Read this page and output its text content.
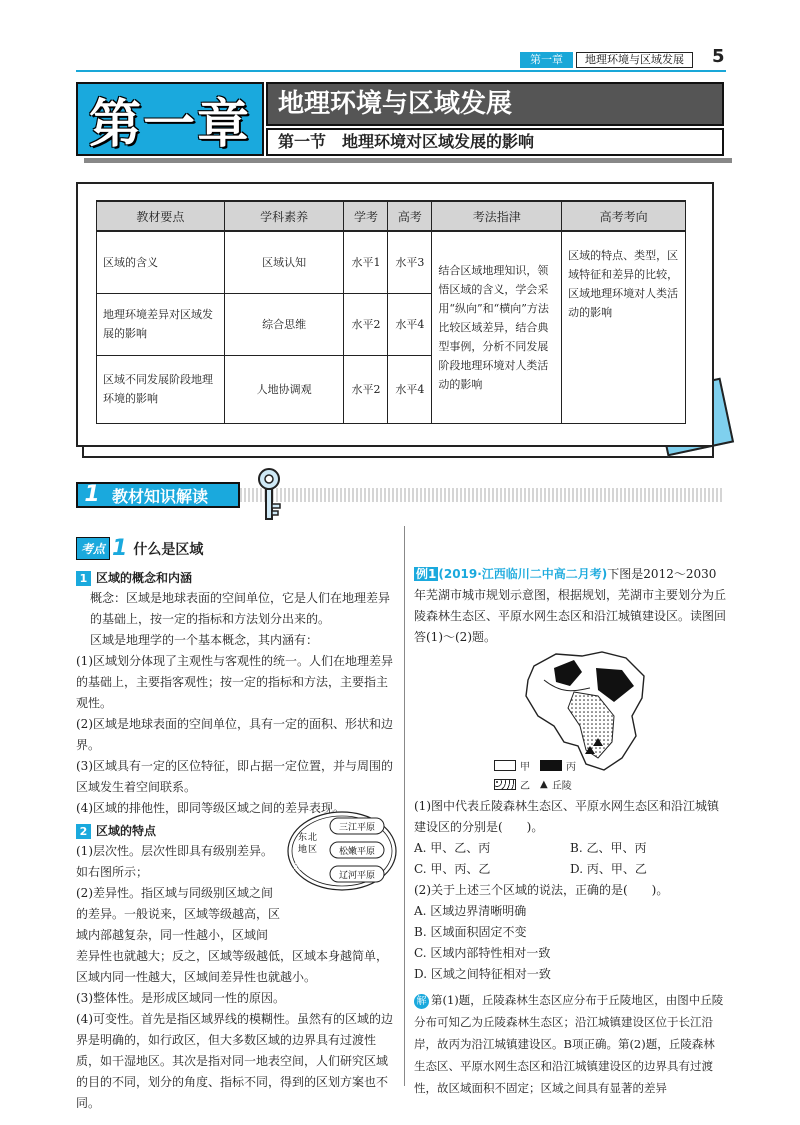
第一章	地理环境与区域发展	5
第一章	地理环境与区域发展
第一节 地理环境对区域发展的影响
教材要点	学科素养	学考	高考	考法指津	高考考向
区域的含义	区域认知	水平1	水平3	结合区域地理知识，领悟区域的含义，学会采用“纵向”和“横向”方法比较区域差异，结合典型事例，分析不同发展阶段地理环境对人类活动的影响	区域的特点、类型，区域特征和差异的比较，区域地理环境对人类活动的影响
地理环境差异对区域发展的影响	综合思维	水平2	水平4		
区域不同发展阶段地理环境的影响	人地协调观	水平2	水平4		
1 教材知识解读
考点 1 什么是区域
1 区域的概念和内涵

概念：区域是地球表面的空间单位，它是人们在地理差异的基础上，按一定的指标和方法划分出来的。

区域是地理学的一个基本概念，其内涵有：

(1)区域划分体现了主观性与客观性的统一。人们在地理差异的基础上，主要指客观性；按一定的指标和方法，主要指主观性。

(2)区域是地球表面的空间单位，具有一定的面积、形状和边界。

(3)区域具有一定的区位特征，即占据一定位置，并与周围的区域发生着空间联系。

(4)区域的排他性，即同等级区域之间的差异表现。

2 区域的特点

(1)层次性。层次性即具有级别差异。如右图所示；

(2)差异性。指区域与同级别区域之间的差异。一般说来，区域等级越高，区域内部越复杂，同一性越小，区域间

差异性也就越大；反之，区域等级越低，区域本身越简单，区域内同一性越大，区域间差异性也就越小。

(3)整体性。是形成区域同一性的原因。

(4)可变性。首先是指区域界线的模糊性。虽然有的区域的边界是明确的，如行政区，但大多数区域的边界具有过渡性质，如干湿地区。其次是指对同一地表空间，人们研究区域的目的不同，划分的角度、指标不同，得到的区划方案也不同。

东 北
地 区
三江平原
松嫩平原
辽河平原
东北地区

例1 (2019·江西临川二中高二月考)下图是2012～2030年芜湖市城市规划示意图，根据规划，芜湖市主要划分为丘陵森林生态区、平原水网生态区和沿江城镇建设区。读图回答(1)～(2)题。

甲	丙
乙 ▲ 丘陵

(1)图中代表丘陵森林生态区、平原水网生态区和沿江城镇建设区的分别是(　　)。

A. 甲、乙、丙	B. 乙、甲、丙
C. 甲、丙、乙	D. 丙、甲、乙

(2)关于上述三个区域的说法，正确的是(　　)。

A. 区域边界清晰明确

B. 区域面积固定不变

C. 区域内部特性相对一致

D. 区域之间特征相对一致

解 第(1)题，丘陵森林生态区应分布于丘陵地区，由图中丘陵分布可知乙为丘陵森林生态区；沿江城镇建设区位于长江沿岸，故丙为沿江城镇建设区。B项正确。第(2)题，丘陵森林生态区、平原水网生态区和沿江城镇建设区的边界具有过渡性，故区域面积不固定；区域之间具有显著的差异
